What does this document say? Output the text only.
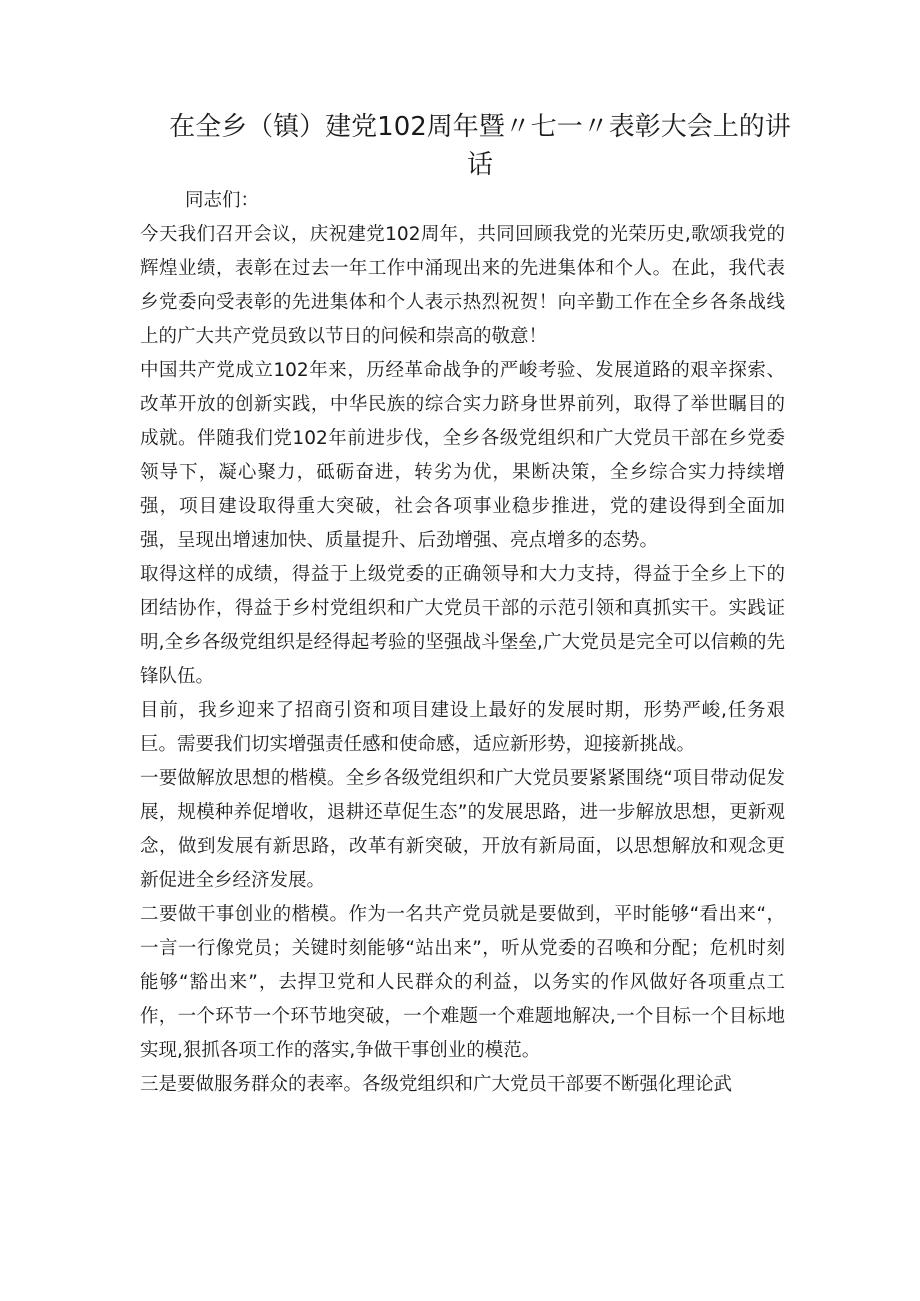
在全乡（镇）建党102周年暨〃七一〃表彰大会上的讲
话

同志们：

今天我们召开会议，庆祝建党102周年，共同回顾我党的光荣历史,歌颂我党的辉煌业绩，表彰在过去一年工作中涌现出来的先进集体和个人。在此，我代表乡党委向受表彰的先进集体和个人表示热烈祝贺！向辛勤工作在全乡各条战线上的广大共产党员致以节日的问候和崇高的敬意！

中国共产党成立102年来，历经革命战争的严峻考验、发展道路的艰辛探索、改革开放的创新实践，中华民族的综合实力跻身世界前列，取得了举世瞩目的成就。伴随我们党102年前进步伐，全乡各级党组织和广大党员干部在乡党委领导下，凝心聚力，砥砺奋进，转劣为优，果断决策，全乡综合实力持续增强，项目建设取得重大突破，社会各项事业稳步推进，党的建设得到全面加强，呈现出增速加快、质量提升、后劲增强、亮点增多的态势。

取得这样的成绩，得益于上级党委的正确领导和大力支持，得益于全乡上下的团结协作，得益于乡村党组织和广大党员干部的示范引领和真抓实干。实践证明,全乡各级党组织是经得起考验的坚强战斗堡垒,广大党员是完全可以信赖的先锋队伍。

目前，我乡迎来了招商引资和项目建设上最好的发展时期，形势严峻,任务艰巨。需要我们切实增强责任感和使命感，适应新形势，迎接新挑战。

一要做解放思想的楷模。全乡各级党组织和广大党员要紧紧围绕“项目带动促发展，规模种养促增收，退耕还草促生态”的发展思路，进一步解放思想，更新观念，做到发展有新思路，改革有新突破，开放有新局面，以思想解放和观念更新促进全乡经济发展。

二要做干事创业的楷模。作为一名共产党员就是要做到，平时能够“看出来“，一言一行像党员；关键时刻能够“站出来”，听从党委的召唤和分配；危机时刻能够“豁出来”，去捍卫党和人民群众的利益，以务实的作风做好各项重点工作，一个环节一个环节地突破，一个难题一个难题地解决,一个目标一个目标地实现,狠抓各项工作的落实,争做干事创业的模范。

三是要做服务群众的表率。各级党组织和广大党员干部要不断强化理论武
